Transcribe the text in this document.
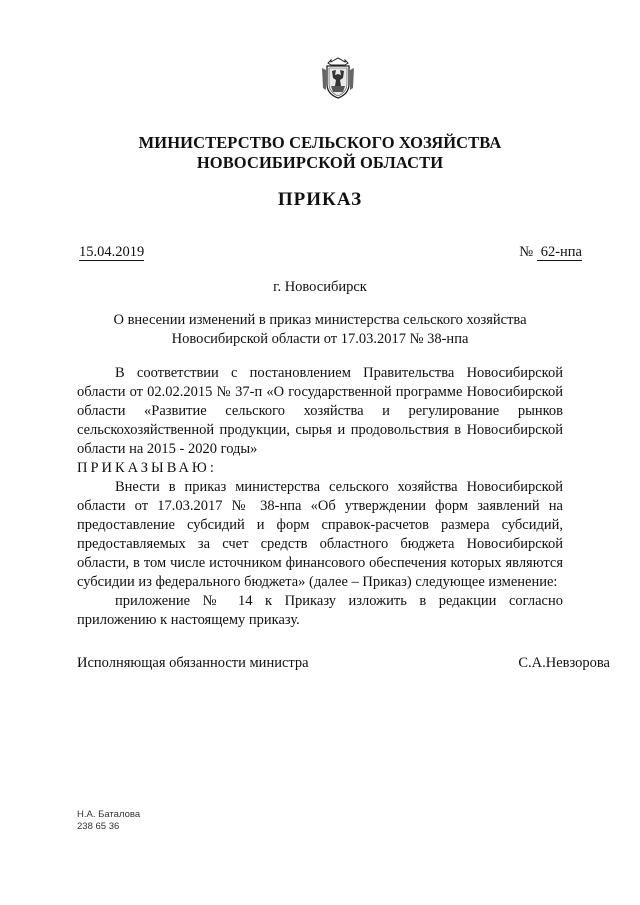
МИНИСТЕРСТВО СЕЛЬСКОГО ХОЗЯЙСТВА
НОВОСИБИРСКОЙ ОБЛАСТИ
ПРИКАЗ
15.04.2019	№ 62-нпа
г. Новосибирск
О внесении изменений в приказ министерства сельского хозяйства
Новосибирской области от 17.03.2017 № 38-нпа

В соответствии с постановлением Правительства Новосибирской области от 02.02.2015 № 37-п «О государственной программе Новосибирской области «Развитие сельского хозяйства и регулирование рынков сельскохозяйственной продукции, сырья и продовольствия в Новосибирской области на 2015 - 2020 годы»

ПРИКАЗЫВАЮ:

Внести в приказ министерства сельского хозяйства Новосибирской области от 17.03.2017 № 38-нпа «Об утверждении форм заявлений на предоставление субсидий и форм справок-расчетов размера субсидий, предоставляемых за счет средств областного бюджета Новосибирской области, в том числе источником финансового обеспечения которых являются субсидии из федерального бюджета» (далее – Приказ) следующее изменение:

приложение № 14 к Приказу изложить в редакции согласно приложению к настоящему приказу.

Исполняющая обязанности министра	С.А.Невзорова
Н.А. Баталова
238 65 36
